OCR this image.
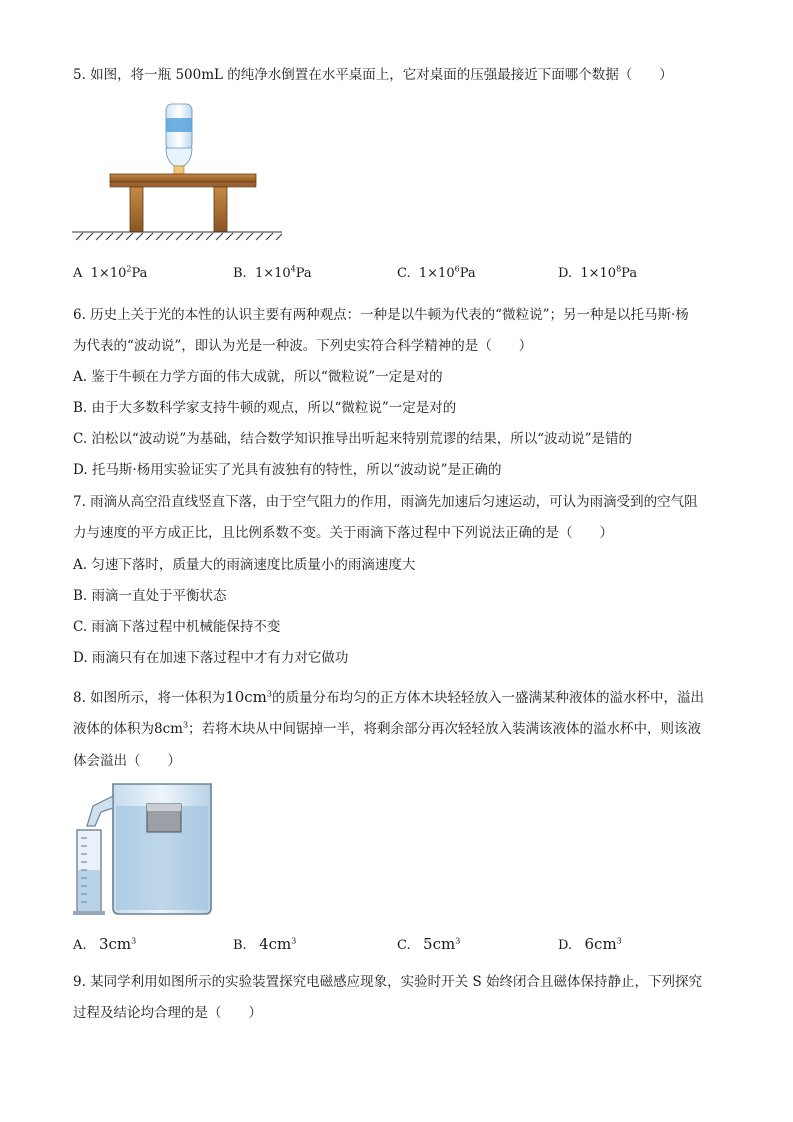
5. 如图，将一瓶 500mL 的纯净水倒置在水平桌面上，它对桌面的压强最接近下面哪个数据（　　）
A $1\times 10^2Pa$	B. $1\times 10^4Pa$	C. $1\times 10^6Pa$	D. $1\times 10^8Pa$
6. 历史上关于光的本性的认识主要有两种观点：一种是以牛顿为代表的“微粒说”；另一种是以托马斯·杨
为代表的“波动说”，即认为光是一种波。下列史实符合科学精神的是（　　）
A. 鉴于牛顿在力学方面的伟大成就，所以“微粒说”一定是对的
B. 由于大多数科学家支持牛顿的观点，所以“微粒说”一定是对的
C. 泊松以“波动说”为基础，结合数学知识推导出听起来特别荒谬的结果，所以“波动说”是错的
D. 托马斯·杨用实验证实了光具有波独有的特性，所以“波动说”是正确的
7. 雨滴从高空沿直线竖直下落，由于空气阻力的作用，雨滴先加速后匀速运动，可认为雨滴受到的空气阻
力与速度的平方成正比，且比例系数不变。关于雨滴下落过程中下列说法正确的是（　　）
A. 匀速下落时，质量大的雨滴速度比质量小的雨滴速度大
B. 雨滴一直处于平衡状态
C. 雨滴下落过程中机械能保持不变
D. 雨滴只有在加速下落过程中才有力对它做功
8. 如图所示，将一体积为$10cm^3$的质量分布均匀的正方体木块轻轻放入一盛满某种液体的溢水杯中，溢出
液体的体积为$8cm^3$；若将木块从中间锯掉一半，将剩余部分再次轻轻放入装满该液体的溢水杯中，则该液
体会溢出（　　）
A. $3cm^3$	B. $4cm^3$	C. $5cm^3$	D. $6cm^3$
9. 某同学利用如图所示的实验装置探究电磁感应现象，实验时开关 S 始终闭合且磁体保持静止，下列探究
过程及结论均合理的是（　　）
